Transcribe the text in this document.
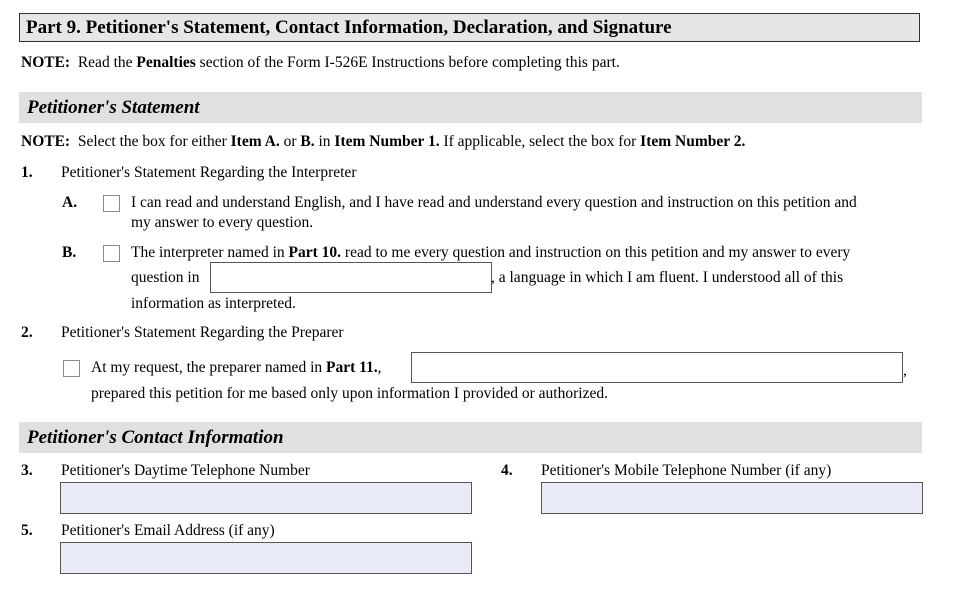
Part 9. Petitioner's Statement, Contact Information, Declaration, and Signature
NOTE: Read the Penalties section of the Form I-526E Instructions before completing this part.
Petitioner's Statement
NOTE: Select the box for either Item A. or B. in Item Number 1. If applicable, select the box for Item Number 2.
1. Petitioner's Statement Regarding the Interpreter
A.	I can read and understand English, and I have read and understand every question and instruction on this petition and
my answer to every question.
B.	The interpreter named in Part 10. read to me every question and instruction on this petition and my answer to every
question in	, a language in which I am fluent. I understood all of this
information as interpreted.
2. Petitioner's Statement Regarding the Preparer
At my request, the preparer named in Part 11.,	,
prepared this petition for me based only upon information I provided or authorized.
Petitioner's Contact Information
3. Petitioner's Daytime Telephone Number	4. Petitioner's Mobile Telephone Number (if any)
5. Petitioner's Email Address (if any)
